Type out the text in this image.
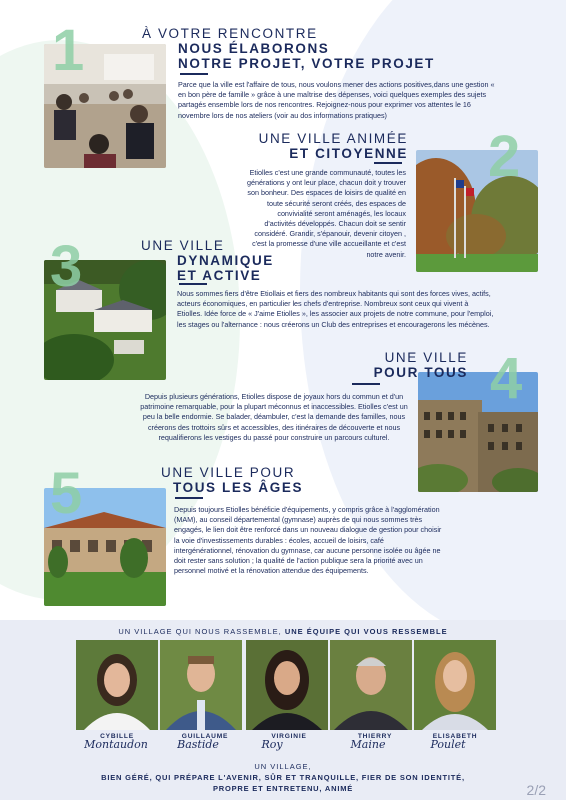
1	À VOTRE RENCONTRE
NOUS ÉLABORONS
NOTRE PROJET, VOTRE PROJET
Parce que la ville est l'affaire de tous, nous voulons mener des actions positives,dans une gestion « en bon père de famille » grâce à une maîtrise des dépenses, voici quelques exemples des sujets partagés ensemble lors de nos rencontres. Rejoignez-nous pour exprimer vos attentes le 16 novembre lors de nos ateliers (voir au dos informations pratiques)
2
UNE VILLE ANIMÉE
ET CITOYENNE
Etiolles c'est une grande communauté, toutes les générations y ont leur place, chacun doit y trouver son bonheur. Des espaces de loisirs de qualité en toute sécurité seront créés, des espaces de convivialité seront aménagés, les locaux d'activités développés. Chacun doit se sentir considéré. Grandir, s'épanouir, devenir citoyen , c'est la promesse d'une ville accueillante et c'est notre avenir.
3	UNE VILLE
DYNAMIQUE
ET ACTIVE
Nous sommes fiers d'être Etiollais et fiers des nombreux habitants qui sont des forces vives, actifs, acteurs économiques, en particulier les chefs d'entreprise. Nombreux sont ceux qui vivent à Etiolles. Idée force de « J'aime Etiolles », les associer aux projets de notre commune, pour l'emploi, les stages ou l'alternance : nous créerons un Club des entreprises et encouragerons les mécènes.
4
UNE VILLE
POUR TOUS
Depuis plusieurs générations, Etiolles dispose de joyaux hors du commun et d'un patrimoine remarquable, pour la plupart méconnus et inaccessibles. Etiolles c'est un peu la belle endormie. Se balader, déambuler, c'est la demande des familles, nous créerons des trottoirs sûrs et accessibles, des itinéraires de découverte et nous requalifierons les vestiges du passé pour construire un parcours culturel.
5	UNE VILLE POUR
TOUS LES ÂGES
Depuis toujours Etiolles bénéficie d'équipements, y compris grâce à l'agglomération (MAM), au conseil départemental (gymnase) auprès de qui nous sommes très engagés, le lien doit être renforcé dans un nouveau dialogue de gestion pour choisir la voie d'investissements durables : écoles, accueil de loisirs, café intergénérationnel, rénovation du gymnase, car aucune personne isolée ou âgée ne doit rester sans solution ; la qualité de l'action publique sera la priorité avec un personnel motivé et la rénovation attendue des équipements.
UN VILLAGE QUI NOUS RASSEMBLE, UNE ÉQUIPE QUI VOUS RESSEMBLE
CYBILLE
Montaudon
GUILLAUME
Bastide
VIRGINIE
Roy
THIERRY
Maine
ELISABETH
Poulet
UN VILLAGE,
BIEN GÉRÉ, QUI PRÉPARE L'AVENIR, SÛR ET TRANQUILLE, FIER DE SON IDENTITÉ,
PROPRE ET ENTRETENU, ANIMÉ	2/2
